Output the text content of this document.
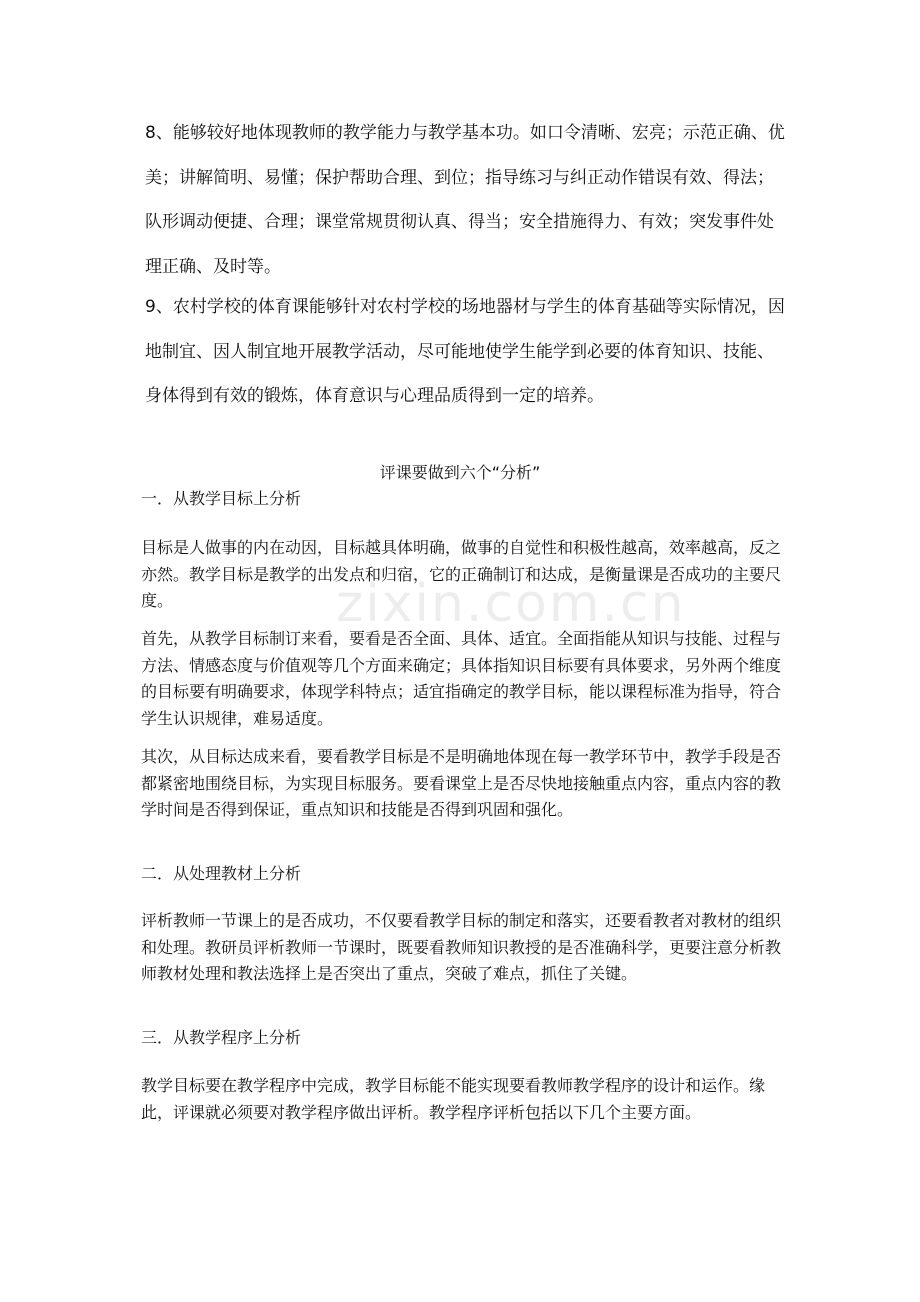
8、能够较好地体现教师的教学能力与教学基本功。如口令清晰、宏亮；示范正确、优美；讲解简明、易懂；保护帮助合理、到位；指导练习与纠正动作错误有效、得法；队形调动便捷、合理；课堂常规贯彻认真、得当；安全措施得力、有效；突发事件处理正确、及时等。

9、农村学校的体育课能够针对农村学校的场地器材与学生的体育基础等实际情况，因地制宜、因人制宜地开展教学活动，尽可能地使学生能学到必要的体育知识、技能、身体得到有效的锻炼，体育意识与心理品质得到一定的培养。

评课要做到六个“分析”

一．从教学目标上分析

目标是人做事的内在动因，目标越具体明确，做事的自觉性和积极性越高，效率越高，反之亦然。教学目标是教学的出发点和归宿，它的正确制订和达成，是衡量课是否成功的主要尺度。

首先，从教学目标制订来看，要看是否全面、具体、适宜。全面指能从知识与技能、过程与方法、情感态度与价值观等几个方面来确定；具体指知识目标要有具体要求，另外两个维度的目标要有明确要求，体现学科特点；适宜指确定的教学目标，能以课程标准为指导，符合学生认识规律，难易适度。

其次，从目标达成来看，要看教学目标是不是明确地体现在每一教学环节中，教学手段是否都紧密地围绕目标，为实现目标服务。要看课堂上是否尽快地接触重点内容，重点内容的教学时间是否得到保证，重点知识和技能是否得到巩固和强化。

二．从处理教材上分析

评析教师一节课上的是否成功，不仅要看教学目标的制定和落实，还要看教者对教材的组织和处理。教研员评析教师一节课时，既要看教师知识教授的是否准确科学，更要注意分析教师教材处理和教法选择上是否突出了重点，突破了难点，抓住了关键。

三．从教学程序上分析

教学目标要在教学程序中完成，教学目标能不能实现要看教师教学程序的设计和运作。缘此，评课就必须要对教学程序做出评析。教学程序评析包括以下几个主要方面。

zixin.com.cn
